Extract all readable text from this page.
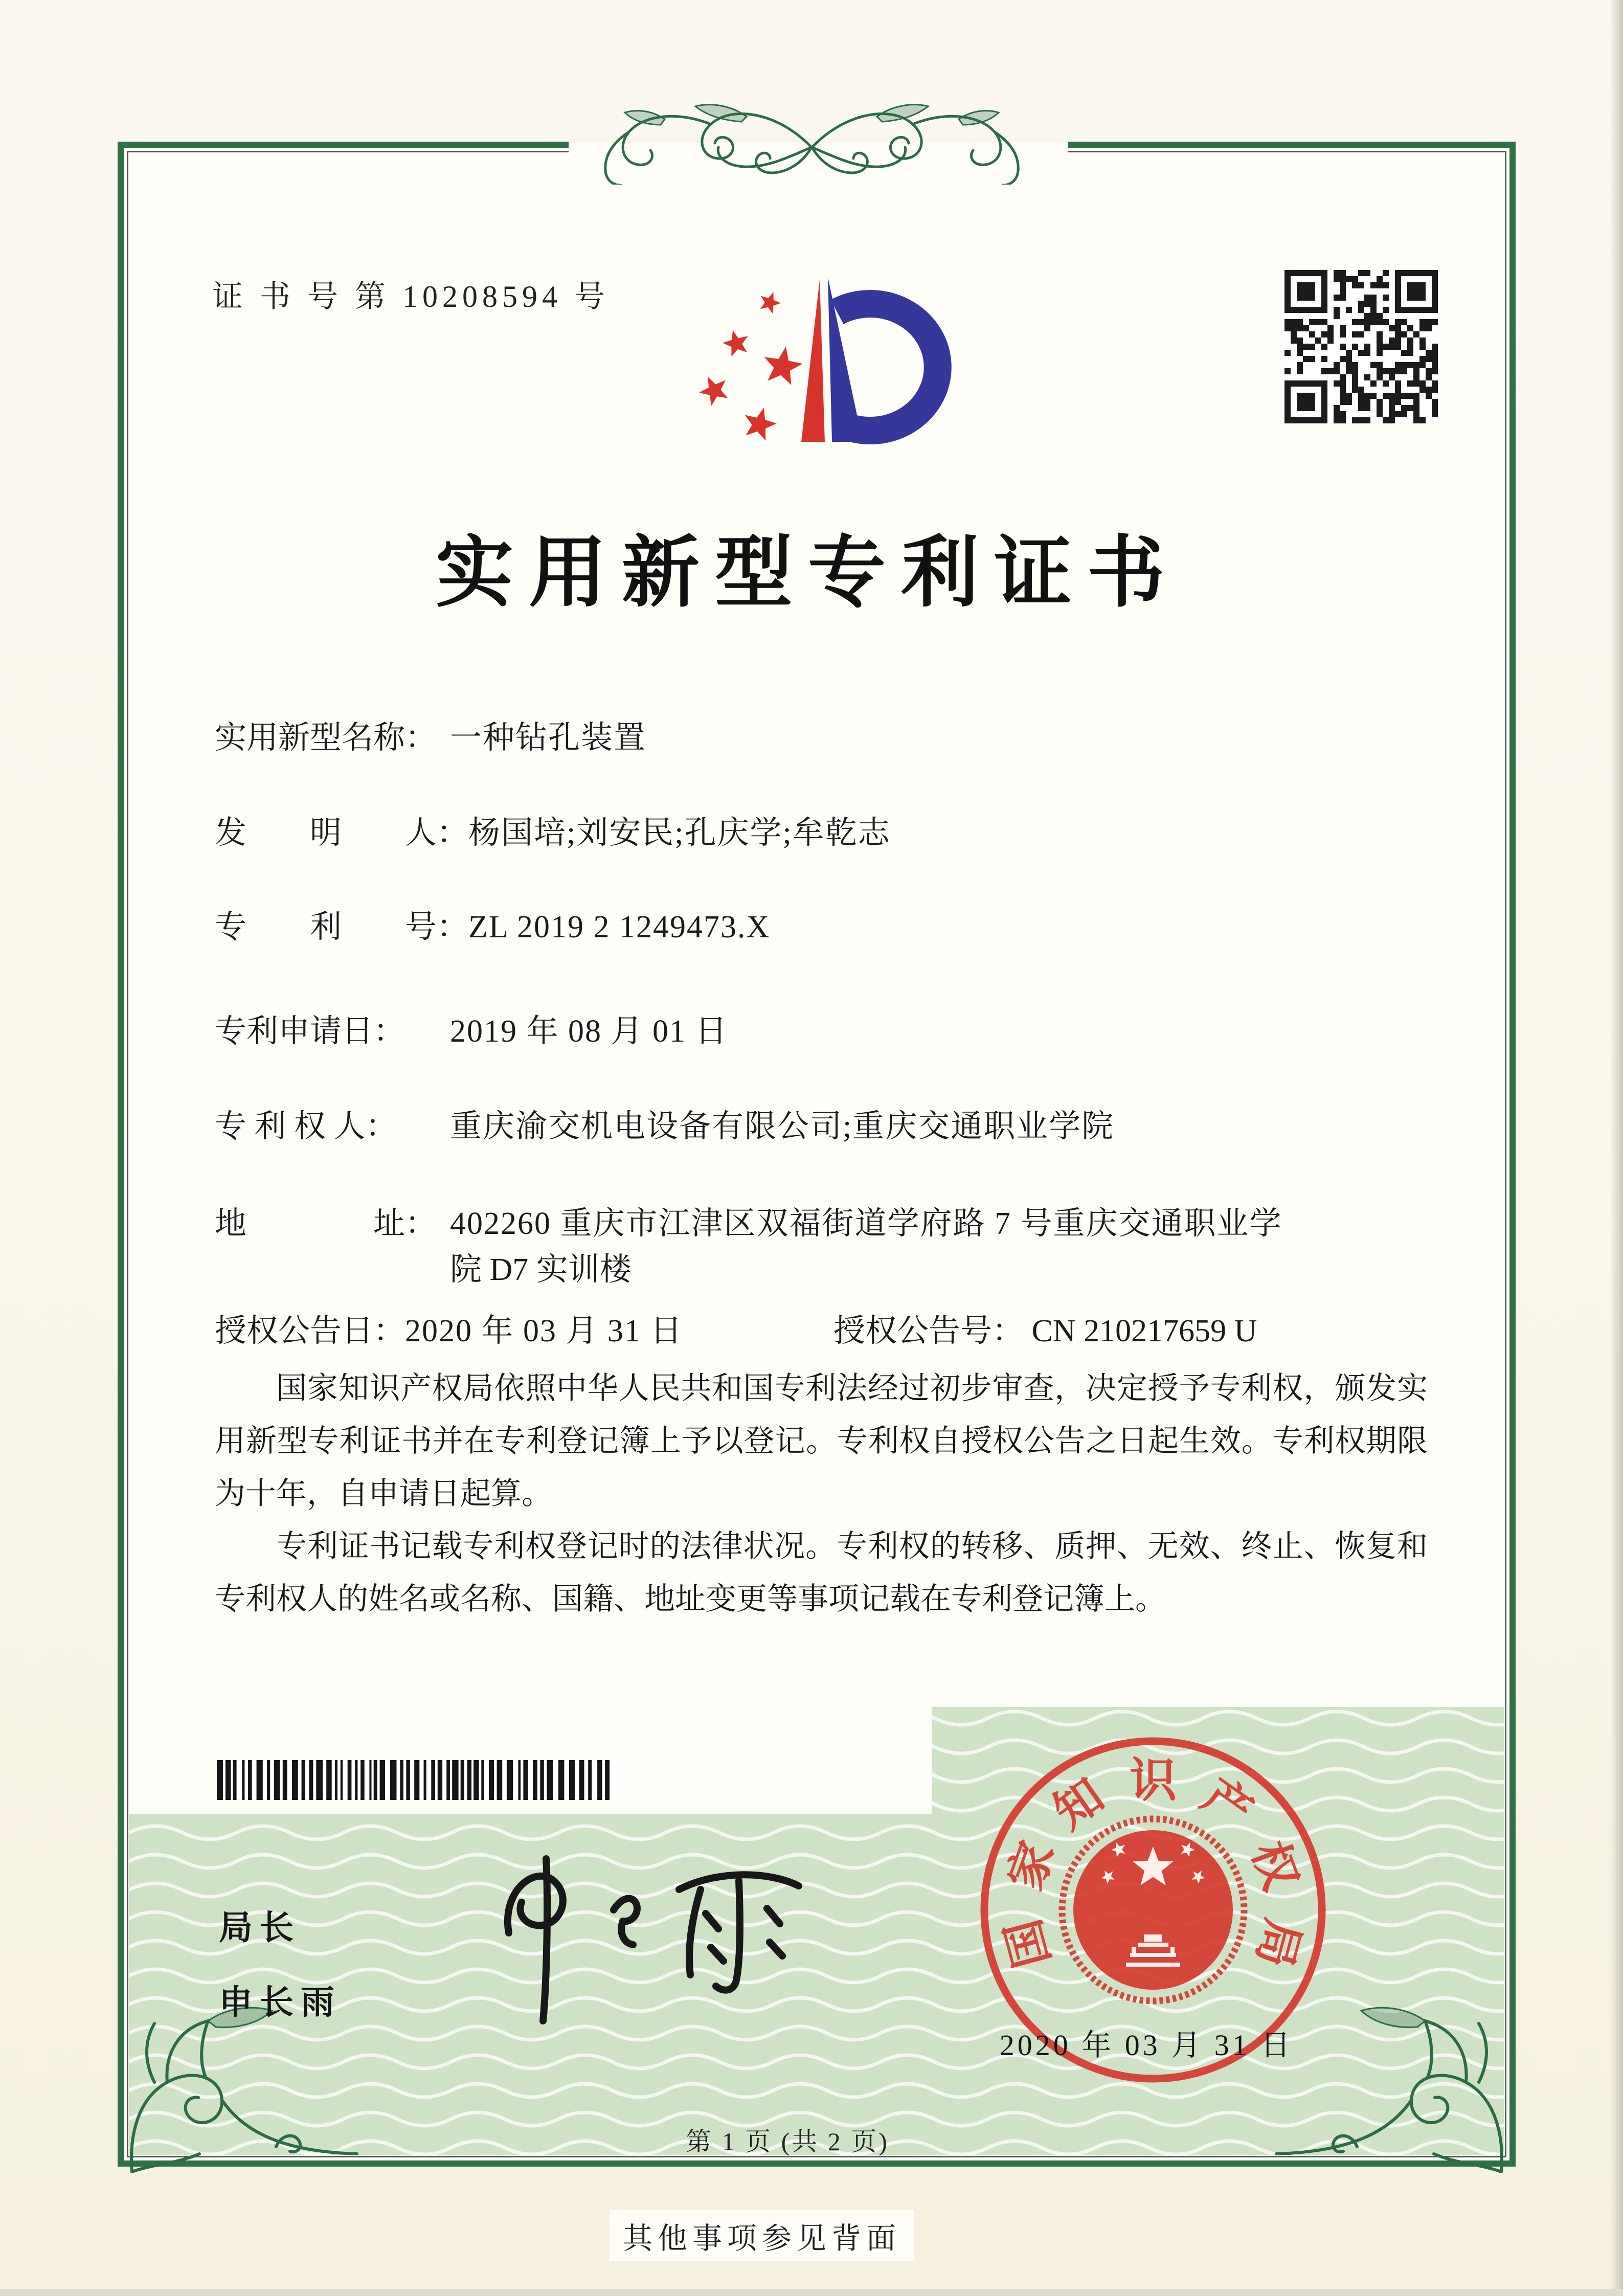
证 书 号 第 10208594 号
实用新型专利证书
实用新型名称： 一种钻孔装置
发　　明　　人：杨国培;刘安民;孔庆学;牟乾志
专　　利　　号：ZL 2019 2 1249473.X
专利申请日： 2019 年 08 月 01 日
专 利 权 人： 重庆渝交机电设备有限公司;重庆交通职业学院
地　　　　址： 402260 重庆市江津区双福街道学府路 7 号重庆交通职业学
院 D7 实训楼
授权公告日：2020 年 03 月 31 日	授权公告号： CN 210217659 U

国家知识产权局依照中华人民共和国专利法经过初步审查，决定授予专利权，颁发实用新型专利证书并在专利登记簿上予以登记。专利权自授权公告之日起生效。专利权期限为十年，自申请日起算。

专利证书记载专利权登记时的法律状况。专利权的转移、质押、无效、终止、恢复和专利权人的姓名或名称、国籍、地址变更等事项记载在专利登记簿上。

局长
申长雨
国
家
知 识 产
权
局
2020 年 03 月 31 日
第 1 页 (共 2 页)
其他事项参见背面
